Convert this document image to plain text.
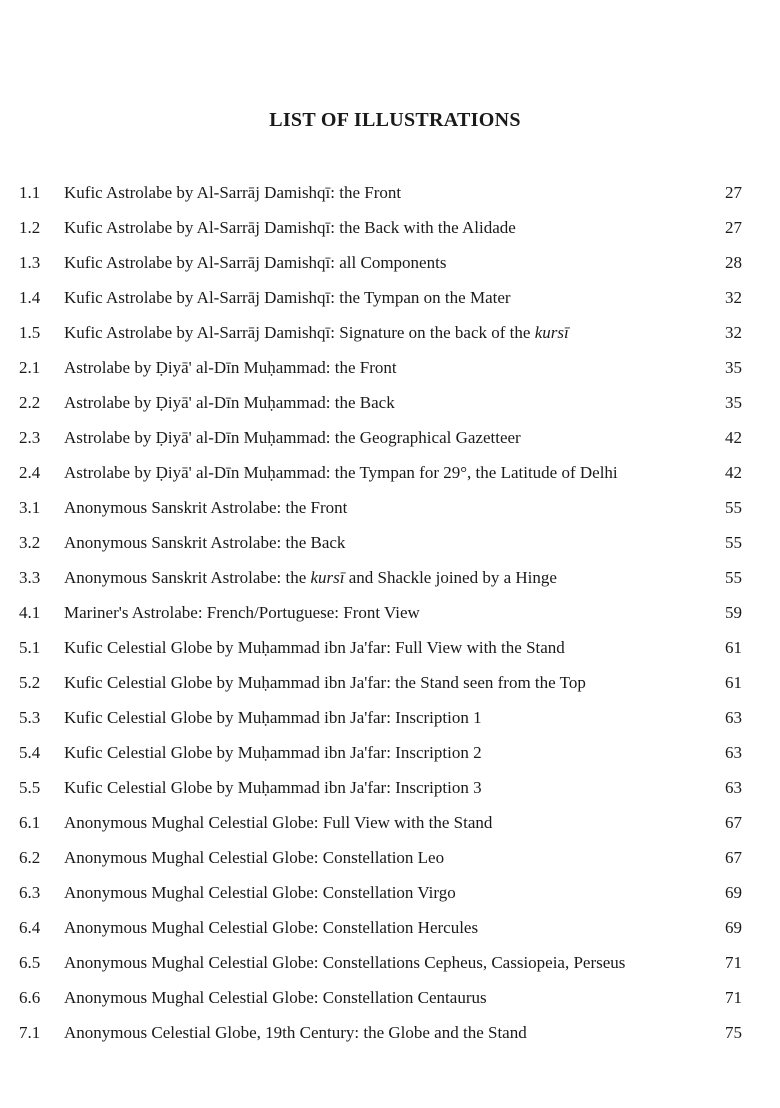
LIST OF ILLUSTRATIONS
1.1 Kufic Astrolabe by Al-Sarrāj Damishqī: the Front	27
1.2 Kufic Astrolabe by Al-Sarrāj Damishqī: the Back with the Alidade	27
1.3 Kufic Astrolabe by Al-Sarrāj Damishqī: all Components	28
1.4 Kufic Astrolabe by Al-Sarrāj Damishqī: the Tympan on the Mater	32
1.5 Kufic Astrolabe by Al-Sarrāj Damishqī: Signature on the back of the kursī	32
2.1 Astrolabe by Ḍiyā' al-Dīn Muḥammad: the Front	35
2.2 Astrolabe by Ḍiyā' al-Dīn Muḥammad: the Back	35
2.3 Astrolabe by Ḍiyā' al-Dīn Muḥammad: the Geographical Gazetteer	42
2.4 Astrolabe by Ḍiyā' al-Dīn Muḥammad: the Tympan for 29°, the Latitude of Delhi	42
3.1 Anonymous Sanskrit Astrolabe: the Front	55
3.2 Anonymous Sanskrit Astrolabe: the Back	55
3.3 Anonymous Sanskrit Astrolabe: the kursī and Shackle joined by a Hinge	55
4.1 Mariner's Astrolabe: French/Portuguese: Front View	59
5.1 Kufic Celestial Globe by Muḥammad ibn Ja'far: Full View with the Stand	61
5.2 Kufic Celestial Globe by Muḥammad ibn Ja'far: the Stand seen from the Top	61
5.3 Kufic Celestial Globe by Muḥammad ibn Ja'far: Inscription 1	63
5.4 Kufic Celestial Globe by Muḥammad ibn Ja'far: Inscription 2	63
5.5 Kufic Celestial Globe by Muḥammad ibn Ja'far: Inscription 3	63
6.1 Anonymous Mughal Celestial Globe: Full View with the Stand	67
6.2 Anonymous Mughal Celestial Globe: Constellation Leo	67
6.3 Anonymous Mughal Celestial Globe: Constellation Virgo	69
6.4 Anonymous Mughal Celestial Globe: Constellation Hercules	69
6.5 Anonymous Mughal Celestial Globe: Constellations Cepheus, Cassiopeia, Perseus	71
6.6 Anonymous Mughal Celestial Globe: Constellation Centaurus	71
7.1 Anonymous Celestial Globe, 19th Century: the Globe and the Stand	75
